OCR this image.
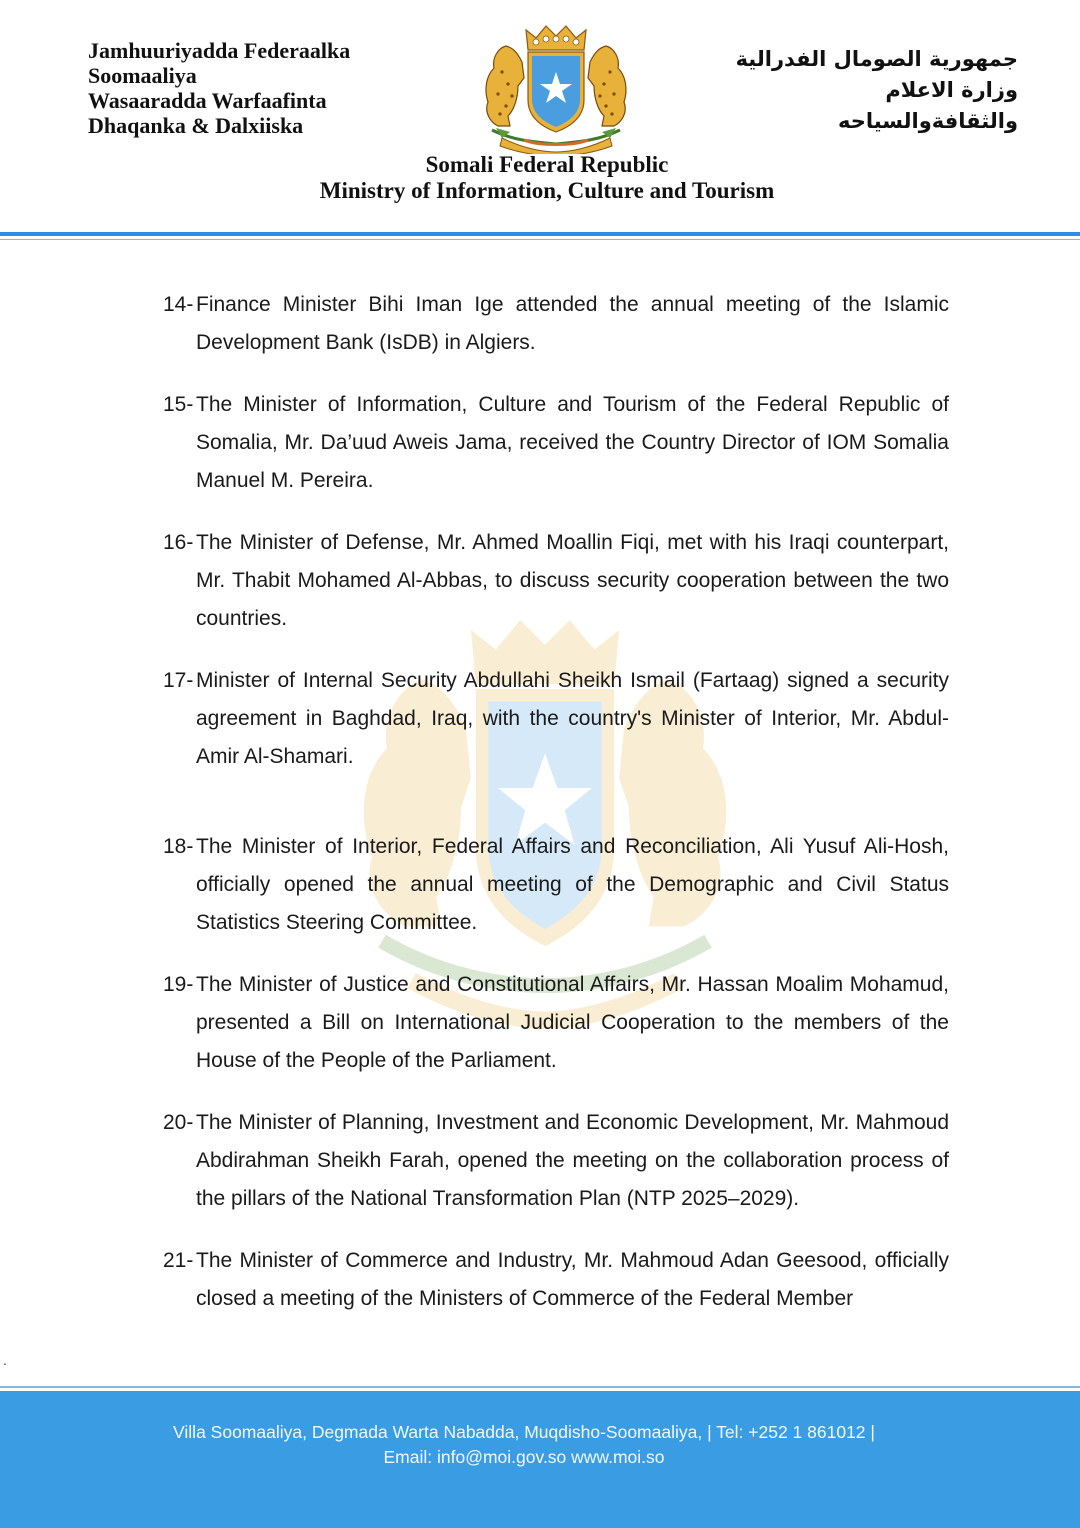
Jamhuuriyadda Federaalka
Soomaaliya
Wasaaradda Warfaafinta
Dhaqanka & Dalxiiska
جمهورية الصومال الفدرالية
وزارة الاعلام
والثقافةوالسياحه
Somali Federal Republic
Ministry of Information, Culture and Tourism
14- Finance Minister Bihi Iman Ige attended the annual meeting of the Islamic Development Bank (IsDB) in Algiers.
15- The Minister of Information, Culture and Tourism of the Federal Republic of Somalia, Mr. Da’uud Aweis Jama, received the Country Director of IOM Somalia Manuel M. Pereira.
16- The Minister of Defense, Mr. Ahmed Moallin Fiqi, met with his Iraqi counterpart, Mr. Thabit Mohamed Al-Abbas, to discuss security cooperation between the two countries.
17- Minister of Internal Security Abdullahi Sheikh Ismail (Fartaag) signed a security agreement in Baghdad, Iraq, with the country's Minister of Interior, Mr. Abdul-Amir Al-Shamari.
18- The Minister of Interior, Federal Affairs and Reconciliation, Ali Yusuf Ali-Hosh, officially opened the annual meeting of the Demographic and Civil Status Statistics Steering Committee.
19- The Minister of Justice and Constitutional Affairs, Mr. Hassan Moalim Mohamud, presented a Bill on International Judicial Cooperation to the members of the House of the People of the Parliament.
20- The Minister of Planning, Investment and Economic Development, Mr. Mahmoud Abdirahman Sheikh Farah, opened the meeting on the collaboration process of the pillars of the National Transformation Plan (NTP 2025–2029).
21- The Minister of Commerce and Industry, Mr. Mahmoud Adan Geesood, officially closed a meeting of the Ministers of Commerce of the Federal Member
.
Villa Soomaaliya, Degmada Warta Nabadda, Muqdisho-Soomaaliya, | Tel: +252 1 861012 |
Email: info@moi.gov.so www.moi.so
